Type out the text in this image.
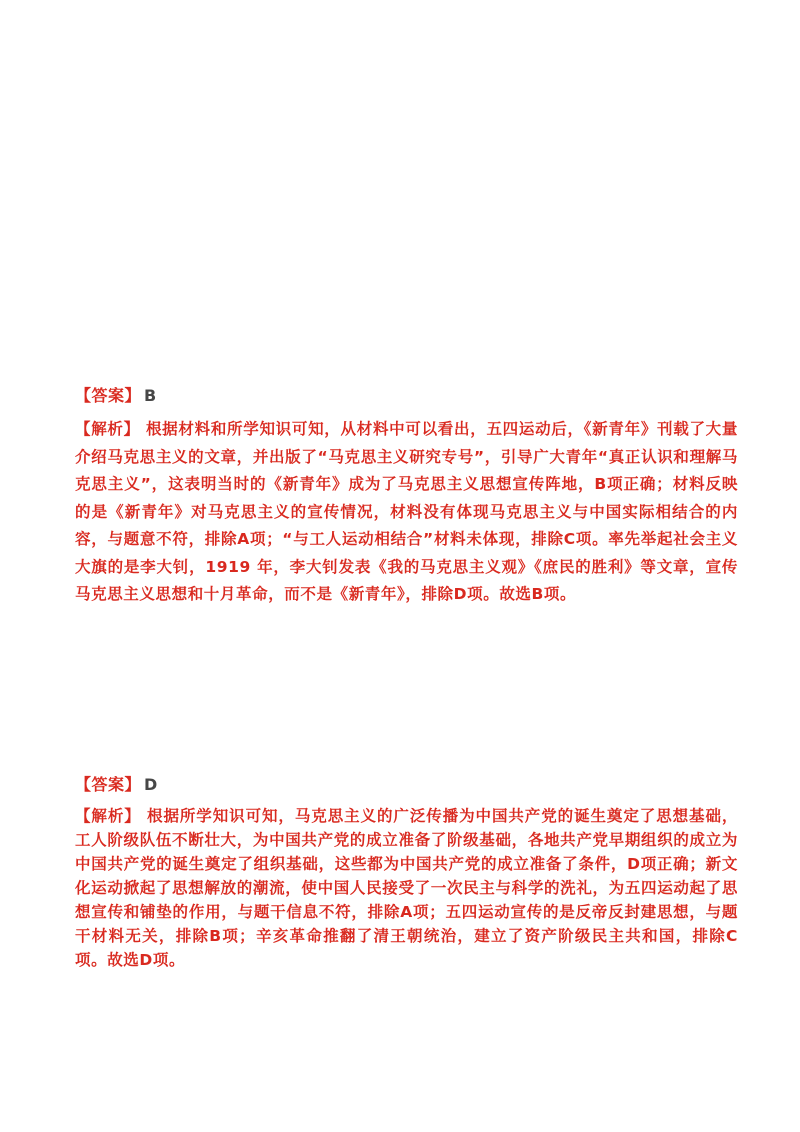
【答案】 B

【解析】 根据材料和所学知识可知，从材料中可以看出，五四运动后，《新青年》刊载了大量介绍马克思主义的文章，并出版了“马克思主义研究专号”，引导广大青年“真正认识和理解马克思主义”，这表明当时的《新青年》成为了马克思主义思想宣传阵地，B项正确；材料反映的是《新青年》对马克思主义的宣传情况，材料没有体现马克思主义与中国实际相结合的内容，与题意不符，排除A项；“与工人运动相结合”材料未体现，排除C项。率先举起社会主义大旗的是李大钊，1919 年，李大钊发表《我的马克思主义观》《庶民的胜利》等文章，宣传马克思主义思想和十月革命，而不是《新青年》，排除D项。故选B项。

【答案】 D

【解析】 根据所学知识可知，马克思主义的广泛传播为中国共产党的诞生奠定了思想基础，工人阶级队伍不断壮大，为中国共产党的成立准备了阶级基础，各地共产党早期组织的成立为中国共产党的诞生奠定了组织基础，这些都为中国共产党的成立准备了条件，D项正确；新文化运动掀起了思想解放的潮流，使中国人民接受了一次民主与科学的洗礼，为五四运动起了思想宣传和铺垫的作用，与题干信息不符，排除A项；五四运动宣传的是反帝反封建思想，与题干材料无关，排除B项；辛亥革命推翻了清王朝统治，建立了资产阶级民主共和国，排除C项。故选D项。
